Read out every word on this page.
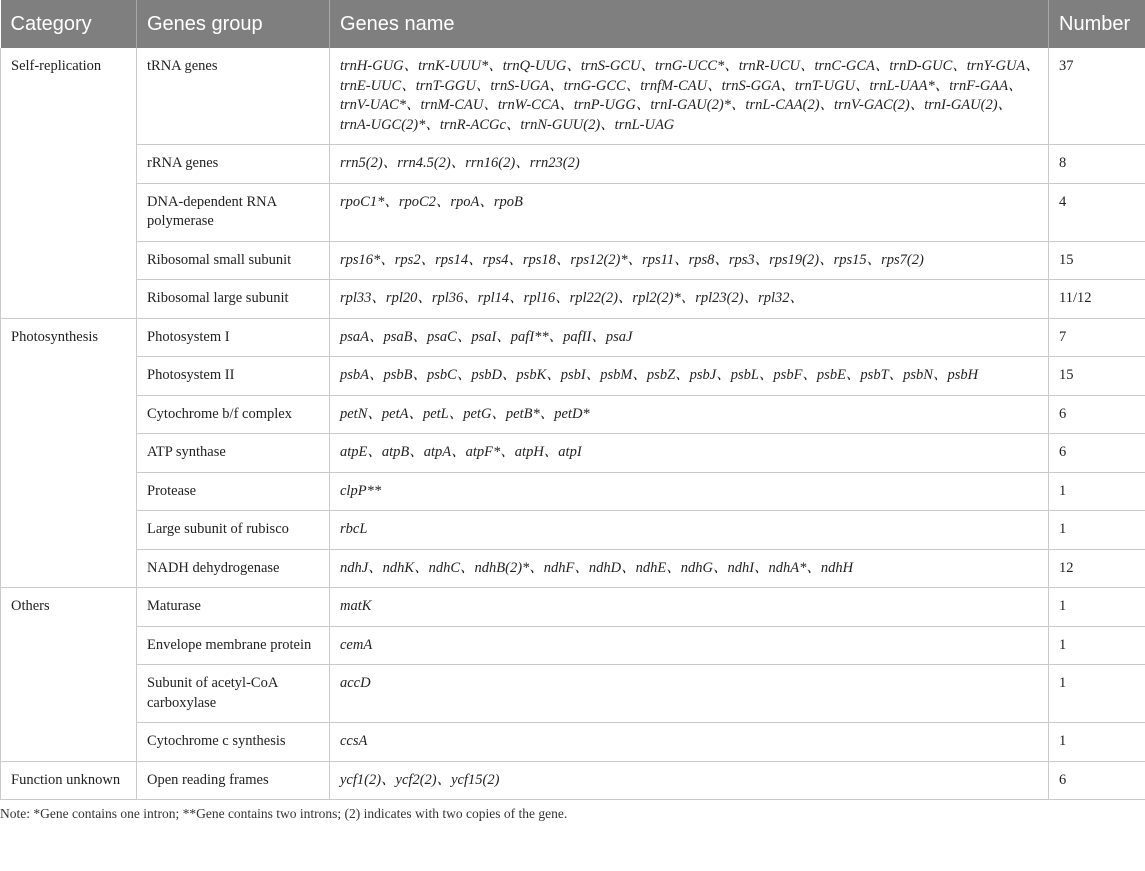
Category	Genes group	Genes name	Number
Self-replication	tRNA genes	trnH-GUG、trnK-UUU*、trnQ-UUG、trnS-GCU、trnG-UCC*、trnR-UCU、trnC-GCA、trnD-GUC、trnY-GUA、trnE-UUC、trnT-GGU、trnS-UGA、trnG-GCC、trnfM-CAU、trnS-GGA、trnT-UGU、trnL-UAA*、trnF-GAA、trnV-UAC*、trnM-CAU、trnW-CCA、trnP-UGG、trnI-GAU(2)*、trnL-CAA(2)、trnV-GAC(2)、trnI-GAU(2)、trnA-UGC(2)*、trnR-ACGc、trnN-GUU(2)、trnL-UAG	37
	rRNA genes	rrn5(2)、rrn4.5(2)、rrn16(2)、rrn23(2)	8
	DNA-dependent RNA polymerase	rpoC1*、rpoC2、rpoA、rpoB	4
	Ribosomal small subunit	rps16*、rps2、rps14、rps4、rps18、rps12(2)*、rps11、rps8、rps3、rps19(2)、rps15、rps7(2)	15
	Ribosomal large subunit	rpl33、rpl20、rpl36、rpl14、rpl16、rpl22(2)、rpl2(2)*、rpl23(2)、rpl32、	11/12
Photosynthesis	Photosystem I	psaA、psaB、psaC、psaI、pafI**、pafII、psaJ	7
	Photosystem II	psbA、psbB、psbC、psbD、psbK、psbI、psbM、psbZ、psbJ、psbL、psbF、psbE、psbT、psbN、psbH	15
	Cytochrome b/f complex	petN、petA、petL、petG、petB*、petD*	6
	ATP synthase	atpE、atpB、atpA、atpF*、atpH、atpI	6
	Protease	clpP**	1
	Large subunit of rubisco	rbcL	1
	NADH dehydrogenase	ndhJ、ndhK、ndhC、ndhB(2)*、ndhF、ndhD、ndhE、ndhG、ndhI、ndhA*、ndhH	12
Others	Maturase	matK	1
	Envelope membrane protein	cemA	1
	Subunit of acetyl-CoA carboxylase	accD	1
	Cytochrome c synthesis	ccsA	1
Function unknown	Open reading frames	ycf1(2)、ycf2(2)、ycf15(2)	6

Note: *Gene contains one intron; **Gene contains two introns; (2) indicates with two copies of the gene.
